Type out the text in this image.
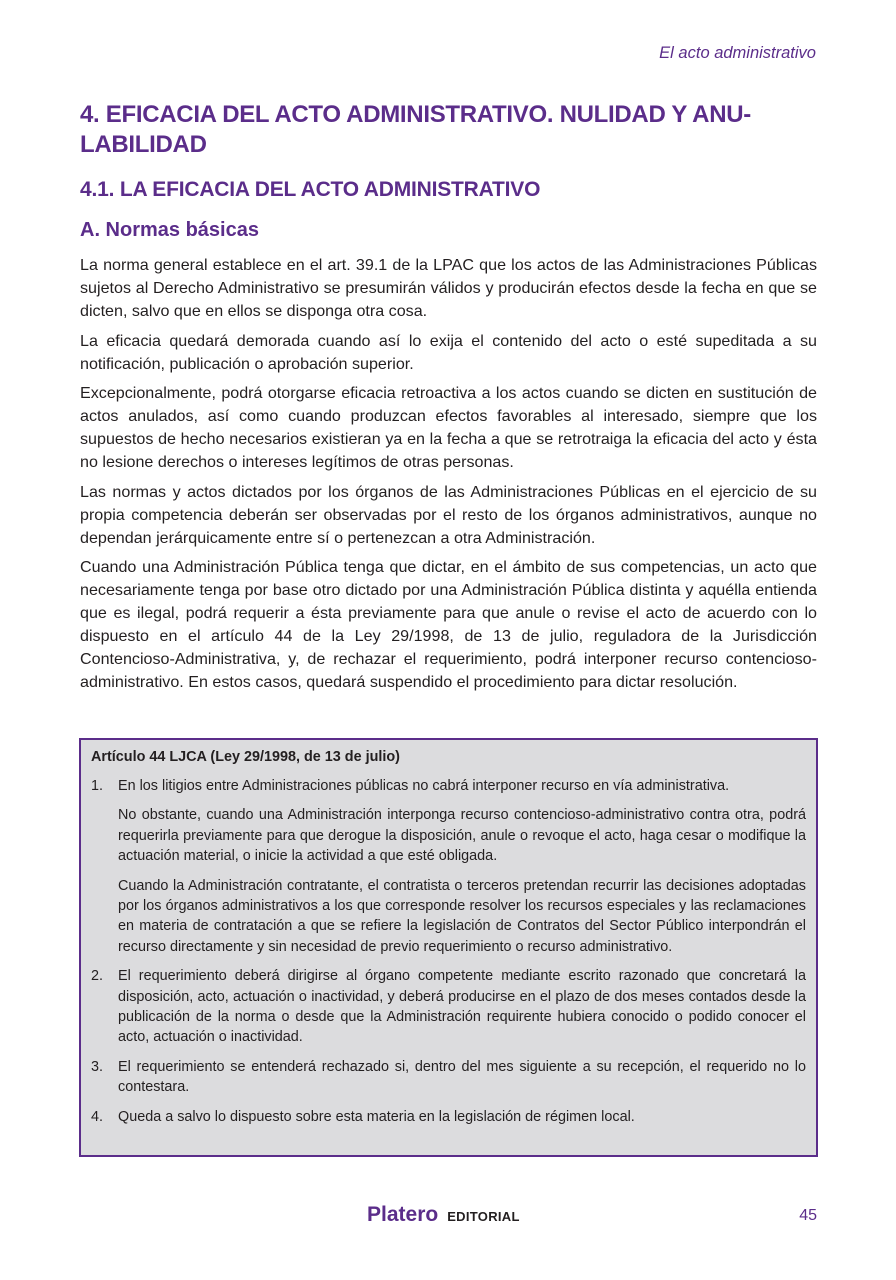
El acto administrativo
4. EFICACIA DEL ACTO ADMINISTRATIVO. NULIDAD Y ANU-LABILIDAD
4.1. LA EFICACIA DEL ACTO ADMINISTRATIVO
A. Normas básicas

La norma general establece en el art. 39.1 de la LPAC que los actos de las Administraciones Públicas sujetos al Derecho Administrativo se presumirán válidos y producirán efectos desde la fecha en que se dicten, salvo que en ellos se disponga otra cosa.

La eficacia quedará demorada cuando así lo exija el contenido del acto o esté supeditada a su notificación, publicación o aprobación superior.

Excepcionalmente, podrá otorgarse eficacia retroactiva a los actos cuando se dicten en sustitución de actos anulados, así como cuando produzcan efectos favorables al interesado, siempre que los supuestos de hecho necesarios existieran ya en la fecha a que se retrotraiga la eficacia del acto y ésta no lesione derechos o intereses legítimos de otras personas.

Las normas y actos dictados por los órganos de las Administraciones Públicas en el ejercicio de su propia competencia deberán ser observadas por el resto de los órganos administrativos, aunque no dependan jerárquicamente entre sí o pertenezcan a otra Administración.

Cuando una Administración Pública tenga que dictar, en el ámbito de sus competencias, un acto que necesariamente tenga por base otro dictado por una Administración Pública distinta y aquélla entienda que es ilegal, podrá requerir a ésta previamente para que anule o revise el acto de acuerdo con lo dispuesto en el artículo 44 de la Ley 29/1998, de 13 de julio, reguladora de la Jurisdicción Contencioso-Administrativa, y, de rechazar el requerimiento, podrá interponer recurso contencioso-administrativo. En estos casos, quedará suspendido el procedimiento para dictar resolución.

Artículo 44 LJCA (Ley 29/1998, de 13 de julio)
1.	En los litigios entre Administraciones públicas no cabrá interponer recurso en vía administrativa.

No obstante, cuando una Administración interponga recurso contencioso-administrativo contra otra, podrá requerirla previamente para que derogue la disposición, anule o revoque el acto, haga cesar o modifique la actuación material, o inicie la actividad a que esté obligada.

Cuando la Administración contratante, el contratista o terceros pretendan recurrir las decisiones adoptadas por los órganos administrativos a los que corresponde resolver los recursos especiales y las reclamaciones en materia de contratación a que se refiere la legislación de Contratos del Sector Público interpondrán el recurso directamente y sin necesidad de previo requerimiento o recurso administrativo.

2.	El requerimiento deberá dirigirse al órgano competente mediante escrito razonado que concretará la disposición, acto, actuación o inactividad, y deberá producirse en el plazo de dos meses contados desde la publicación de la norma o desde que la Administración requirente hubiera conocido o podido conocer el acto, actuación o inactividad.

3.	El requerimiento se entenderá rechazado si, dentro del mes siguiente a su recepción, el requerido no lo contestara.

4.	Queda a salvo lo dispuesto sobre esta materia en la legislación de régimen local.

Platero EDITORIAL	45
